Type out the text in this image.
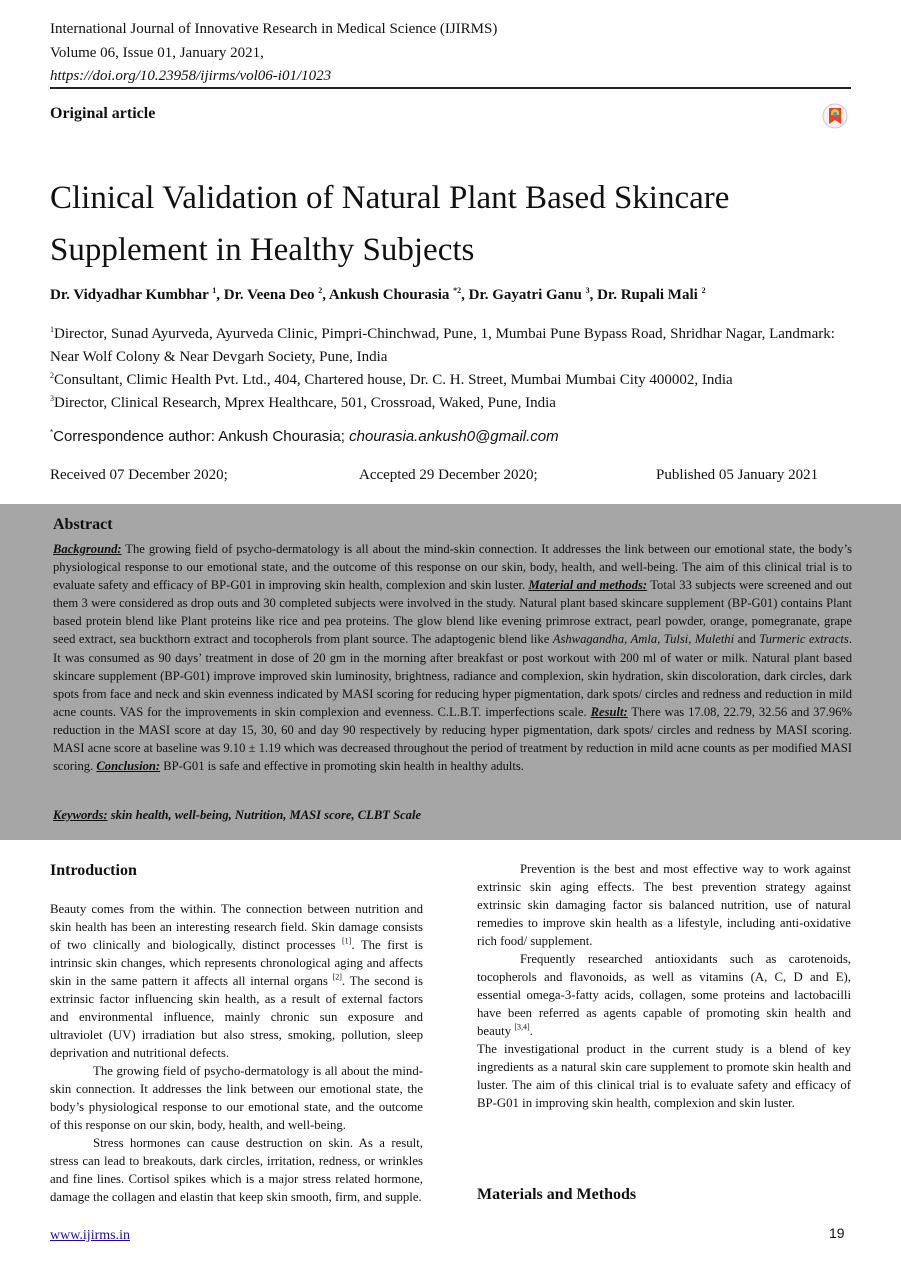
International Journal of Innovative Research in Medical Science (IJIRMS)
Volume 06, Issue 01, January 2021,
https://doi.org/10.23958/ijirms/vol06-i01/1023
Original article
Clinical Validation of Natural Plant Based Skincare Supplement in Healthy Subjects
Dr. Vidyadhar Kumbhar $^1$, Dr. Veena Deo $^2$, Ankush Chourasia $^{*2}$, Dr. Gayatri Ganu $^3$, Dr. Rupali Mali $^2$
$^1$Director, Sunad Ayurveda, Ayurveda Clinic, Pimpri-Chinchwad, Pune, 1, Mumbai Pune Bypass Road, Shridhar Nagar, Landmark: Near Wolf Colony & Near Devgarh Society, Pune, India
$^2$Consultant, Climic Health Pvt. Ltd., 404, Chartered house, Dr. C. H. Street, Mumbai Mumbai City 400002, India
$^3$Director, Clinical Research, Mprex Healthcare, 501, Crossroad, Waked, Pune, India
*Correspondence author: Ankush Chourasia; chourasia.ankush0@gmail.com
Received 07 December 2020;	Accepted 29 December 2020;	Published 05 January 2021
Abstract
Background: The growing field of psycho-dermatology is all about the mind-skin connection. It addresses the link between our emotional state, the body’s physiological response to our emotional state, and the outcome of this response on our skin, body, health, and well-being. The aim of this clinical trial is to evaluate safety and efficacy of BP-G01 in improving skin health, complexion and skin luster. Material and methods: Total 33 subjects were screened and out them 3 were considered as drop outs and 30 completed subjects were involved in the study. Natural plant based skincare supplement (BP-G01) contains Plant based protein blend like Plant proteins like rice and pea proteins. The glow blend like evening primrose extract, pearl powder, orange, pomegranate, grape seed extract, sea buckthorn extract and tocopherols from plant source. The adaptogenic blend like Ashwagandha, Amla, Tulsi, Mulethi and Turmeric extracts. It was consumed as 90 days’ treatment in dose of 20 gm in the morning after breakfast or post workout with 200 ml of water or milk. Natural plant based skincare supplement (BP-G01) improve improved skin luminosity, brightness, radiance and complexion, skin hydration, skin discoloration, dark circles, dark spots from face and neck and skin evenness indicated by MASI scoring for reducing hyper pigmentation, dark spots/ circles and redness and reduction in mild acne counts. VAS for the improvements in skin complexion and evenness. C.L.B.T. imperfections scale. Result: There was 17.08, 22.79, 32.56 and 37.96% reduction in the MASI score at day 15, 30, 60 and day 90 respectively by reducing hyper pigmentation, dark spots/ circles and redness by MASI scoring. MASI acne score at baseline was 9.10 ± 1.19 which was decreased throughout the period of treatment by reduction in mild acne counts as per modified MASI scoring. Conclusion: BP-G01 is safe and effective in promoting skin health in healthy adults.
Keywords: skin health, well-being, Nutrition, MASI score, CLBT Scale
Introduction

Beauty comes from the within. The connection between nutrition and skin health has been an interesting research field. Skin damage consists of two clinically and biologically, distinct processes [1]. The first is intrinsic skin changes, which represents chronological aging and affects skin in the same pattern it affects all internal organs [2]. The second is extrinsic factor influencing skin health, as a result of external factors and environmental influence, mainly chronic sun exposure and ultraviolet (UV) irradiation but also stress, smoking, pollution, sleep deprivation and nutritional defects.

The growing field of psycho-dermatology is all about the mind-skin connection. It addresses the link between our emotional state, the body’s physiological response to our emotional state, and the outcome of this response on our skin, body, health, and well-being.

Stress hormones can cause destruction on skin. As a result, stress can lead to breakouts, dark circles, irritation, redness, or wrinkles and fine lines. Cortisol spikes which is a major stress related hormone, damage the collagen and elastin that keep skin smooth, firm, and supple.

Prevention is the best and most effective way to work against extrinsic skin aging effects. The best prevention strategy against extrinsic skin damaging factor sis balanced nutrition, use of natural remedies to improve skin health as a lifestyle, including anti-oxidative rich food/ supplement.

Frequently researched antioxidants such as carotenoids, tocopherols and flavonoids, as well as vitamins (A, C, D and E), essential omega-3-fatty acids, collagen, some proteins and lactobacilli have been referred as agents capable of promoting skin health and beauty [3,4].

The investigational product in the current study is a blend of key ingredients as a natural skin care supplement to promote skin health and luster. The aim of this clinical trial is to evaluate safety and efficacy of BP-G01 in improving skin health, complexion and skin luster.

Materials and Methods
www.ijirms.in	19
